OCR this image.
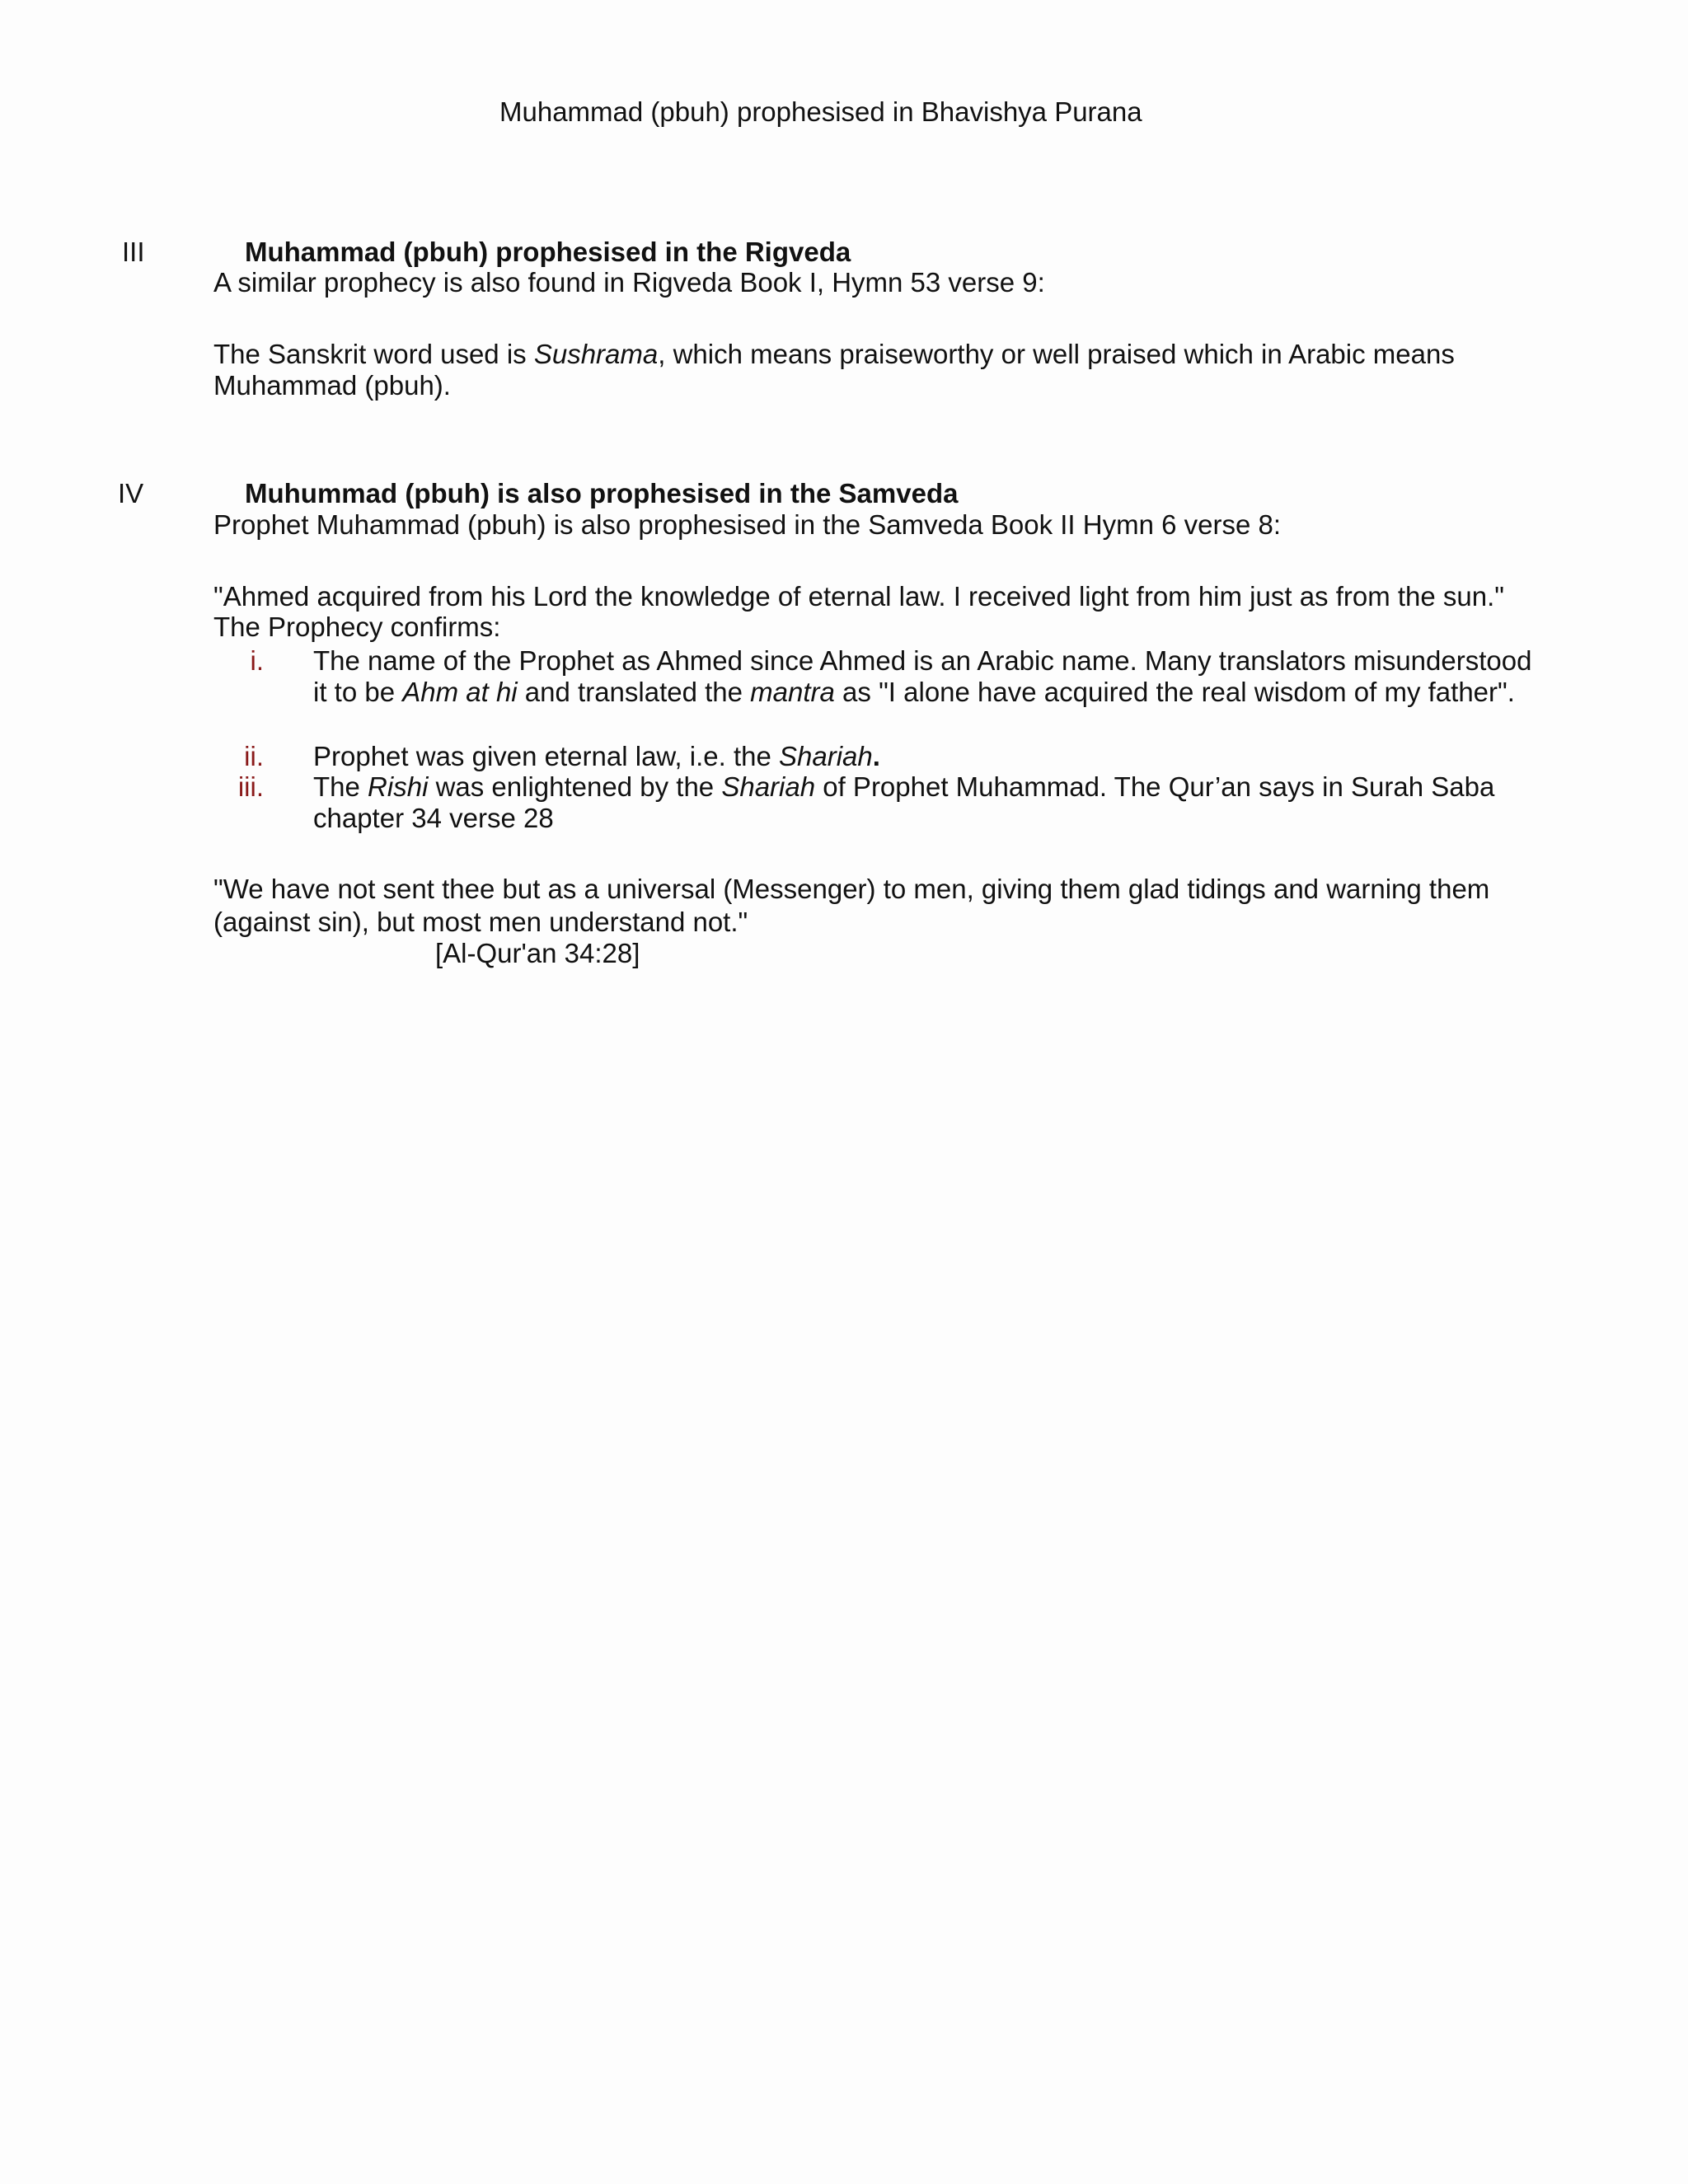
Muhammad (pbuh) prophesised in Bhavishya Purana
III	Muhammad (pbuh) prophesised in the Rigveda
A similar prophecy is also found in Rigveda Book I, Hymn 53 verse 9:
The Sanskrit word used is Sushrama, which means praiseworthy or well praised which in Arabic means
Muhammad (pbuh).
IV	Muhummad (pbuh) is also prophesised in the Samveda
Prophet Muhammad (pbuh) is also prophesised in the Samveda Book II Hymn 6 verse 8:
"Ahmed acquired from his Lord the knowledge of eternal law. I received light from him just as from the sun."
The Prophecy confirms:
i. The name of the Prophet as Ahmed since Ahmed is an Arabic name. Many translators misunderstood
it to be Ahm at hi and translated the mantra as "I alone have acquired the real wisdom of my father".
ii. Prophet was given eternal law, i.e. the Shariah.
iii. The Rishi was enlightened by the Shariah of Prophet Muhammad. The Qur’an says in Surah Saba
chapter 34 verse 28
"We have not sent thee but as a universal (Messenger) to men, giving them glad tidings and warning them
(against sin), but most men understand not."
[Al-Qur'an 34:28]
